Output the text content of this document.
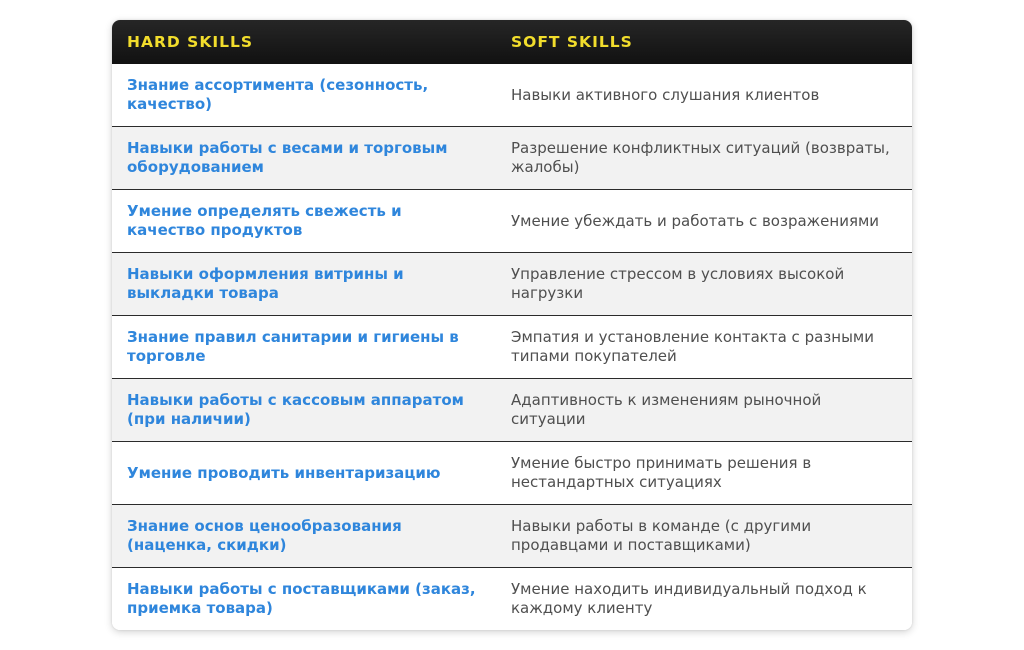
HARD SKILLS	SOFT SKILLS
Знание ассортимента (сезонность, качество)	Навыки активного слушания клиентов
Навыки работы с весами и торговым оборудованием	Разрешение конфликтных ситуаций (возвраты, жалобы)
Умение определять свежесть и качество продуктов	Умение убеждать и работать с возражениями
Навыки оформления витрины и выкладки товара	Управление стрессом в условиях высокой нагрузки
Знание правил санитарии и гигиены в торговле	Эмпатия и установление контакта с разными типами покупателей
Навыки работы с кассовым аппаратом (при наличии)	Адаптивность к изменениям рыночной ситуации
Умение проводить инвентаризацию	Умение быстро принимать решения в нестандартных ситуациях
Знание основ ценообразования (наценка, скидки)	Навыки работы в команде (с другими продавцами и поставщиками)
Навыки работы с поставщиками (заказ, приемка товара)	Умение находить индивидуальный подход к каждому клиенту
